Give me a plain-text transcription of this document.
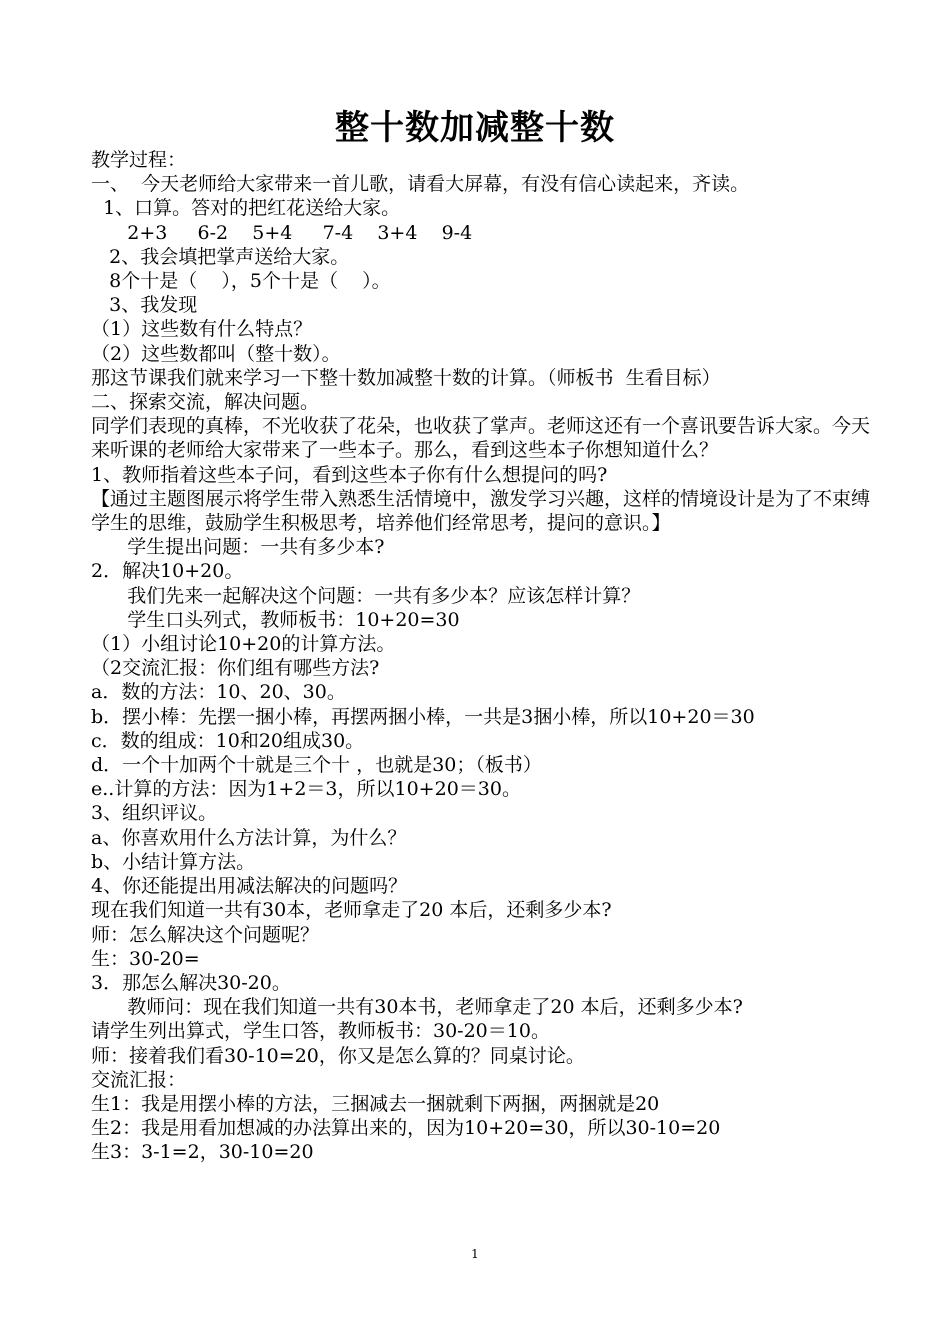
整十数加减整十数

教学过程：

一、  今天老师给大家带来一首儿歌，请看大屏幕，有没有信心读起来，齐读。

1、口算。答对的把红花送给大家。

2+3     6-2    5+4     7-4    3+4    9-4

2、我会填把掌声送给大家。

8个十是（    ），5个十是（    ）。

3、我发现

（1）这些数有什么特点？

（2）这些数都叫（整十数）。

那这节课我们就来学习一下整十数加减整十数的计算。（师板书  生看目标）

二、探索交流，解决问题。

同学们表现的真棒，不光收获了花朵，也收获了掌声。老师这还有一个喜讯要告诉大家。今天来听课的老师给大家带来了一些本子。那么，看到这些本子你想知道什么？

1、教师指着这些本子问，看到这些本子你有什么想提问的吗?

【通过主题图展示将学生带入熟悉生活情境中，激发学习兴趣，这样的情境设计是为了不束缚学生的思维，鼓励学生积极思考，培养他们经常思考，提问的意识。】

学生提出问题：一共有多少本?

2．解决10+20。

我们先来一起解决这个问题：一共有多少本？应该怎样计算？

学生口头列式，教师板书：10+20=30

（1）小组讨论10+20的计算方法。

（2交流汇报：你们组有哪些方法?

a．数的方法：10、20、30。

b．摆小棒：先摆一捆小棒，再摆两捆小棒，一共是3捆小棒，所以10+20＝30

c．数的组成：10和20组成30。

d．一个十加两个十就是三个十 ，也就是30；（板书）

e..计算的方法：因为1+2＝3，所以10+20＝30。

3、组织评议。

a、你喜欢用什么方法计算，为什么？

b、小结计算方法。

4、你还能提出用减法解决的问题吗？

现在我们知道一共有30本，老师拿走了20 本后，还剩多少本?

师：怎么解决这个问题呢？

生：30-20=

3．那怎么解决30-20。

教师问：现在我们知道一共有30本书，老师拿走了20 本后，还剩多少本?

请学生列出算式，学生口答，教师板书：30-20＝10。

师：接着我们看30-10=20，你又是怎么算的？同桌讨论。

交流汇报：

生1：我是用摆小棒的方法，三捆减去一捆就剩下两捆，两捆就是20

生2：我是用看加想减的办法算出来的，因为10+20=30，所以30-10=20

生3：3-1=2，30-10=20

1
